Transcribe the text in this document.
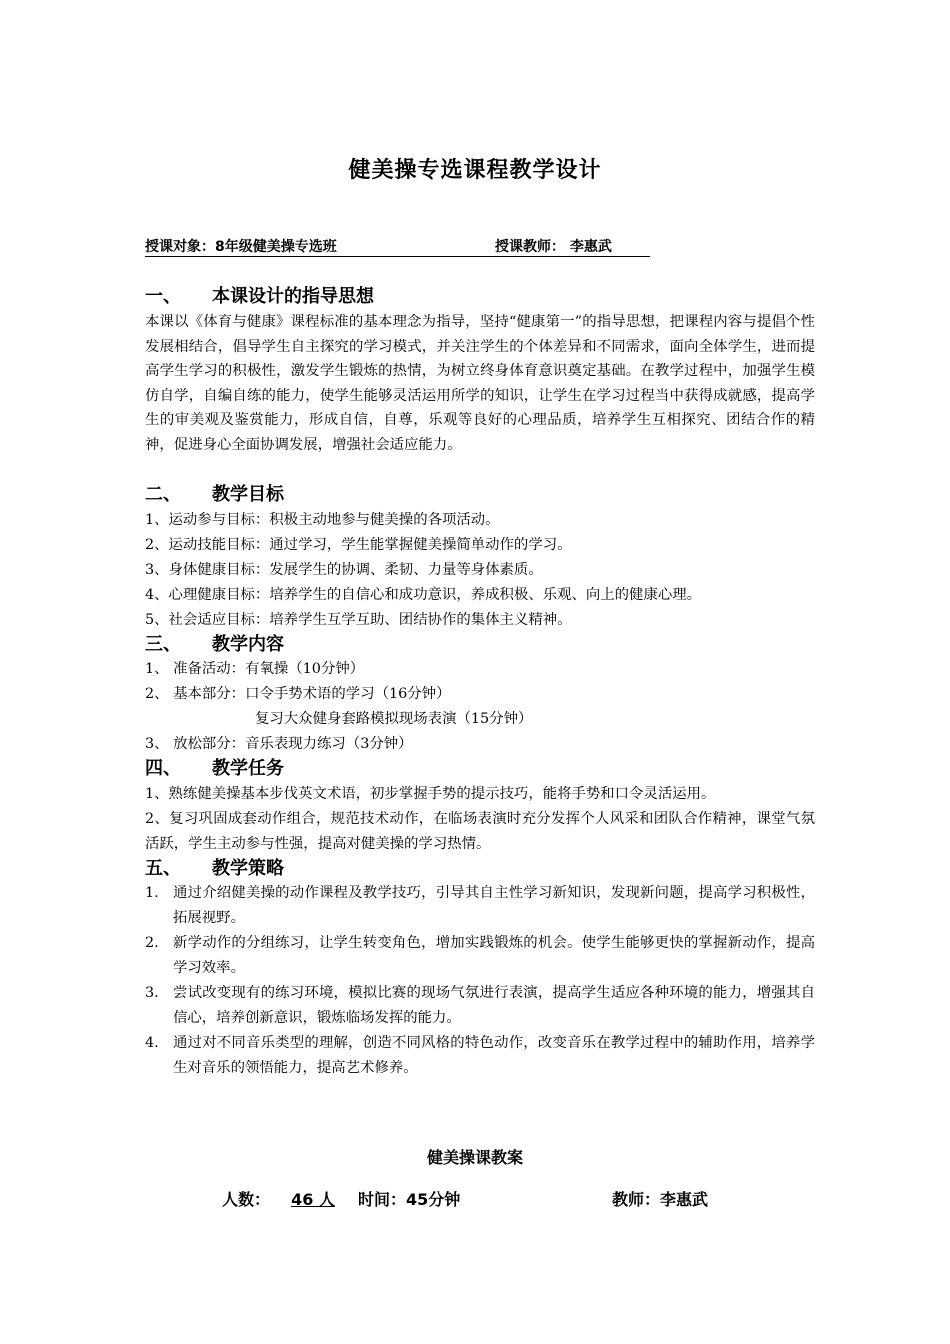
健美操专选课程教学设计
授课对象：8年级健美操专选班	授课教师： 李惠武
一、 本课设计的指导思想
本课以《体育与健康》课程标准的基本理念为指导，坚持“健康第一”的指导思想，把课程内容与提倡个性发展相结合，倡导学生自主探究的学习模式，并关注学生的个体差异和不同需求，面向全体学生，进而提高学生学习的积极性，激发学生锻炼的热情，为树立终身体育意识奠定基础。在教学过程中，加强学生模仿自学，自编自练的能力，使学生能够灵活运用所学的知识，让学生在学习过程当中获得成就感，提高学生的审美观及鉴赏能力，形成自信，自尊，乐观等良好的心理品质，培养学生互相探究、团结合作的精神，促进身心全面协调发展，增强社会适应能力。
二、 教学目标
1、运动参与目标：积极主动地参与健美操的各项活动。
2、运动技能目标：通过学习，学生能掌握健美操简单动作的学习。
3、身体健康目标：发展学生的协调、柔韧、力量等身体素质。
4、心理健康目标：培养学生的自信心和成功意识，养成积极、乐观、向上的健康心理。
5、社会适应目标：培养学生互学互助、团结协作的集体主义精神。
三、 教学内容
1、 准备活动：有氧操（10分钟）
2、 基本部分：口令手势术语的学习（16分钟）
复习大众健身套路模拟现场表演（15分钟）
3、 放松部分：音乐表现力练习（3分钟）
四、 教学任务
1、熟练健美操基本步伐英文术语，初步掌握手势的提示技巧，能将手势和口令灵活运用。
2、复习巩固成套动作组合，规范技术动作，在临场表演时充分发挥个人风采和团队合作精神，课堂气氛活跃，学生主动参与性强，提高对健美操的学习热情。
五、 教学策略
1. 通过介绍健美操的动作课程及教学技巧，引导其自主性学习新知识，发现新问题，提高学习积极性，拓展视野。
2. 新学动作的分组练习，让学生转变角色，增加实践锻炼的机会。使学生能够更快的掌握新动作，提高学习效率。
3. 尝试改变现有的练习环境，模拟比赛的现场气氛进行表演，提高学生适应各种环境的能力，增强其自信心，培养创新意识，锻炼临场发挥的能力。
4. 通过对不同音乐类型的理解，创造不同风格的特色动作，改变音乐在教学过程中的辅助作用，培养学生对音乐的领悟能力，提高艺术修养。
健美操课教案
人数：	46 人	时间：45分钟	教师：李惠武
